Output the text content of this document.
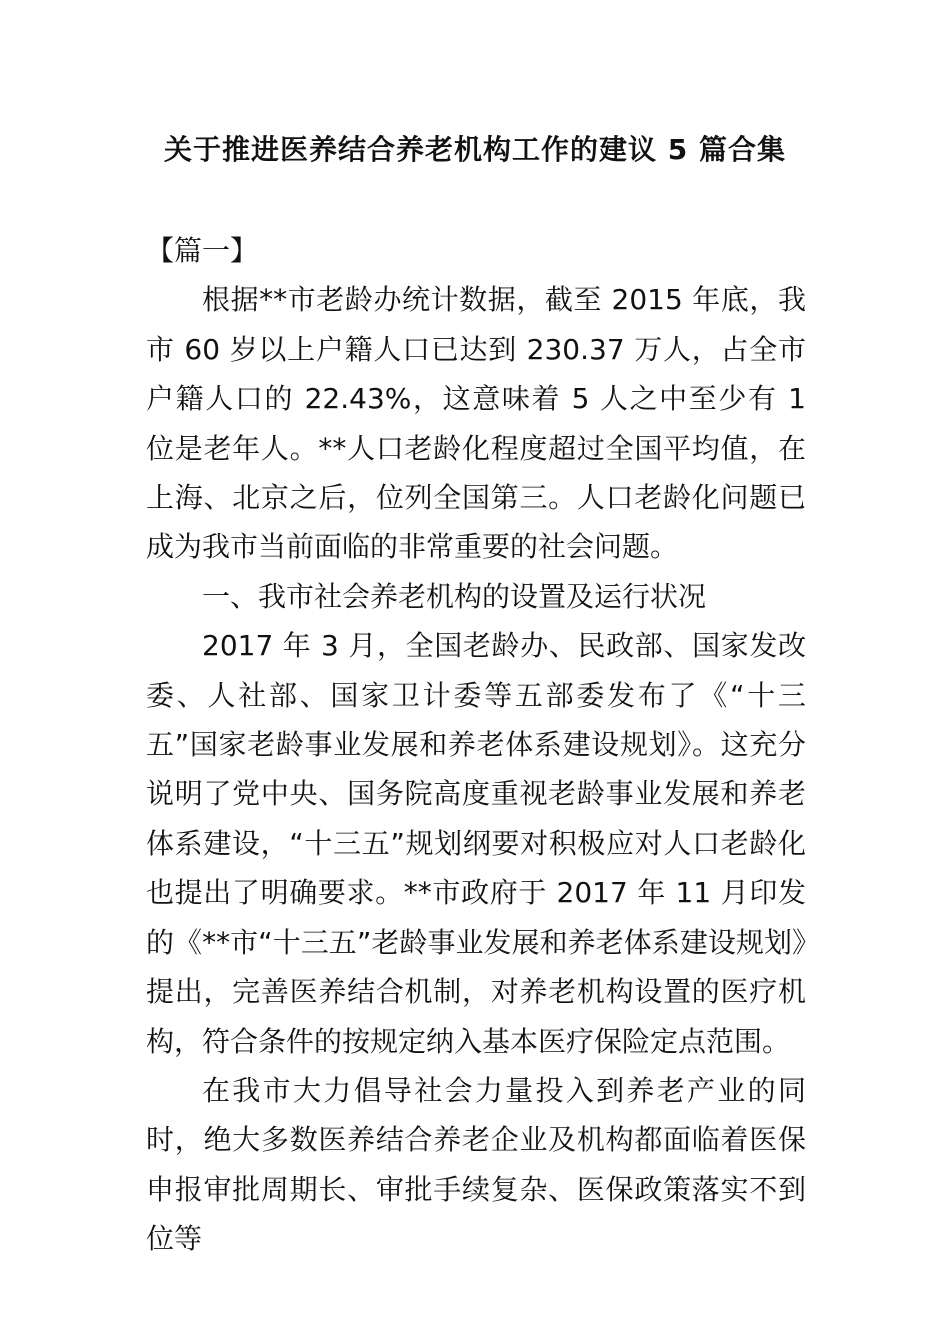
关于推进医养结合养老机构工作的建议 5 篇合集

【篇一】

根据**市老龄办统计数据，截至 2015 年底，我市 60 岁以上户籍人口已达到 230.37 万人，占全市户籍人口的 22.43%，这意味着 5 人之中至少有 1 位是老年人。**人口老龄化程度超过全国平均值，在上海、北京之后，位列全国第三。人口老龄化问题已成为我市当前面临的非常重要的社会问题。

一、我市社会养老机构的设置及运行状况

2017 年 3 月，全国老龄办、民政部、国家发改委、人社部、国家卫计委等五部委发布了《“十三五”国家老龄事业发展和养老体系建设规划》。这充分说明了党中央、国务院高度重视老龄事业发展和养老体系建设，“十三五”规划纲要对积极应对人口老龄化也提出了明确要求。**市政府于 2017 年 11 月印发的《**市“十三五”老龄事业发展和养老体系建设规划》提出，完善医养结合机制，对养老机构设置的医疗机构，符合条件的按规定纳入基本医疗保险定点范围。

在我市大力倡导社会力量投入到养老产业的同时，绝大多数医养结合养老企业及机构都面临着医保申报审批周期长、审批手续复杂、医保政策落实不到位等
